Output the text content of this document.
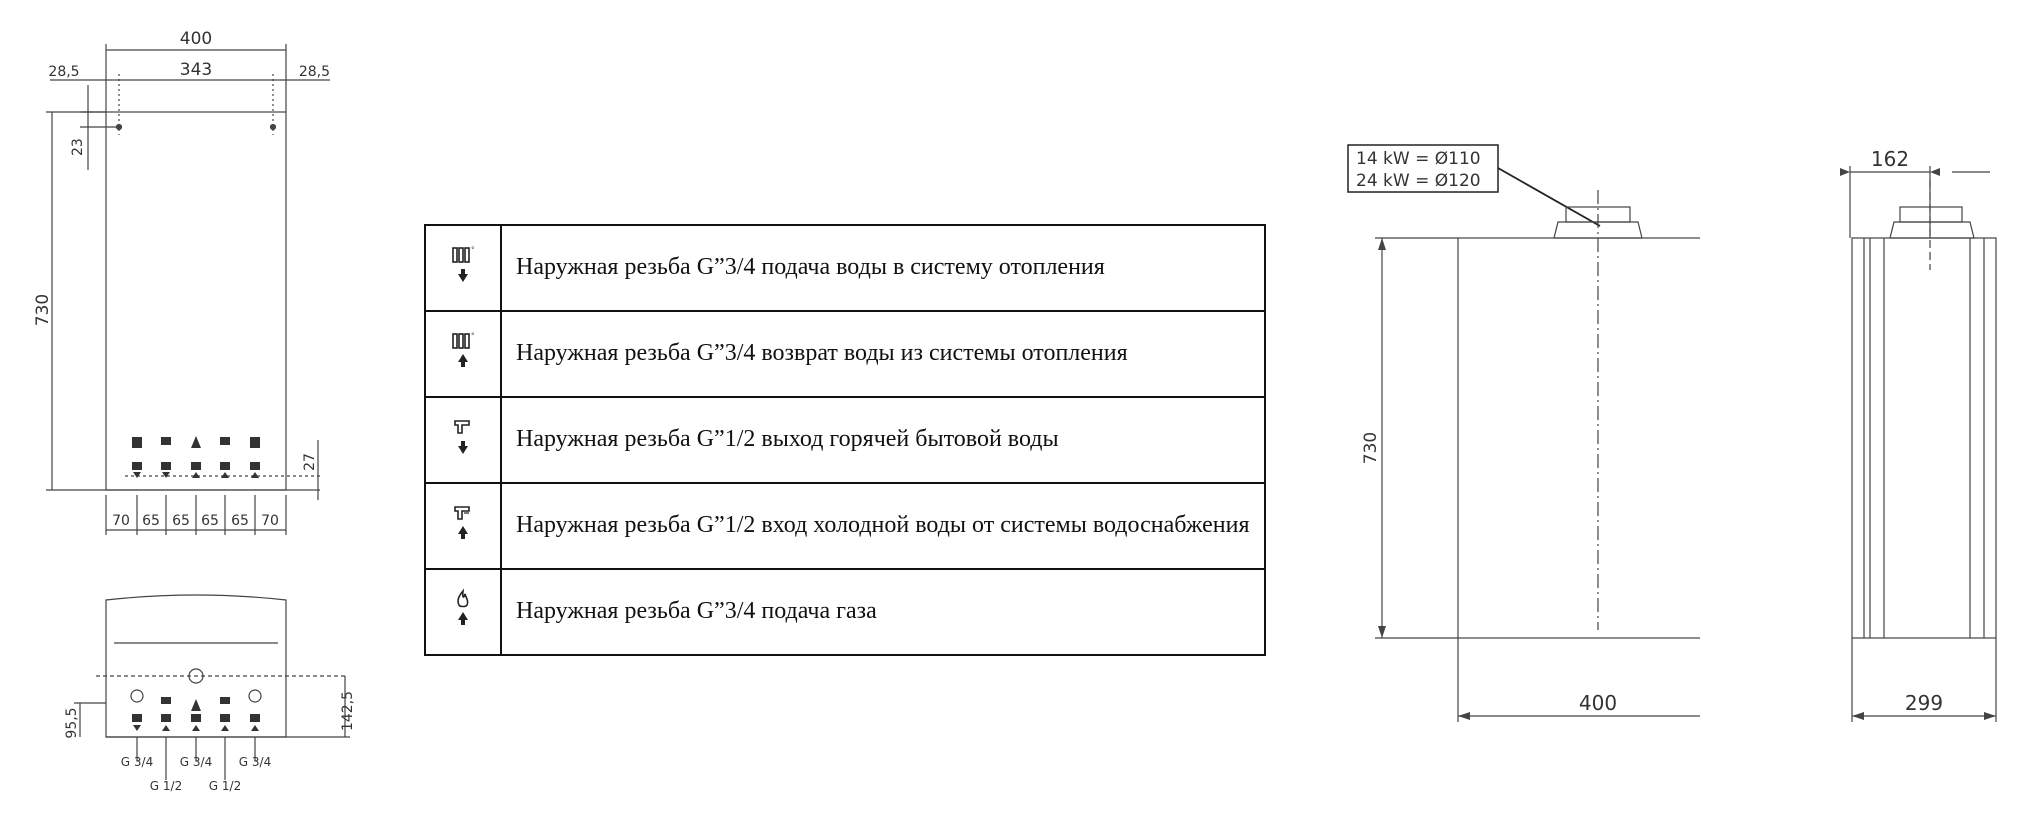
400
343
28,5	28,5
23
730
27
70 65 65 65 65 70
95,5	142,5
G 3/4
G 1/2
G 3/4
G 1/2
G 3/4
°	Наружная резьба G”3/4 подача воды в систему отопления

°	Наружная резьба G”3/4 возврат воды из системы отопления
	Наружная резьба G”1/2 выход горячей бытовой воды
	Наружная резьба G”1/2 вход холодной воды от системы водоснабжения
	Наружная резьба G”3/4 подача газа
14 kW = Ø110
24 kW = Ø120
730
400
162
299
